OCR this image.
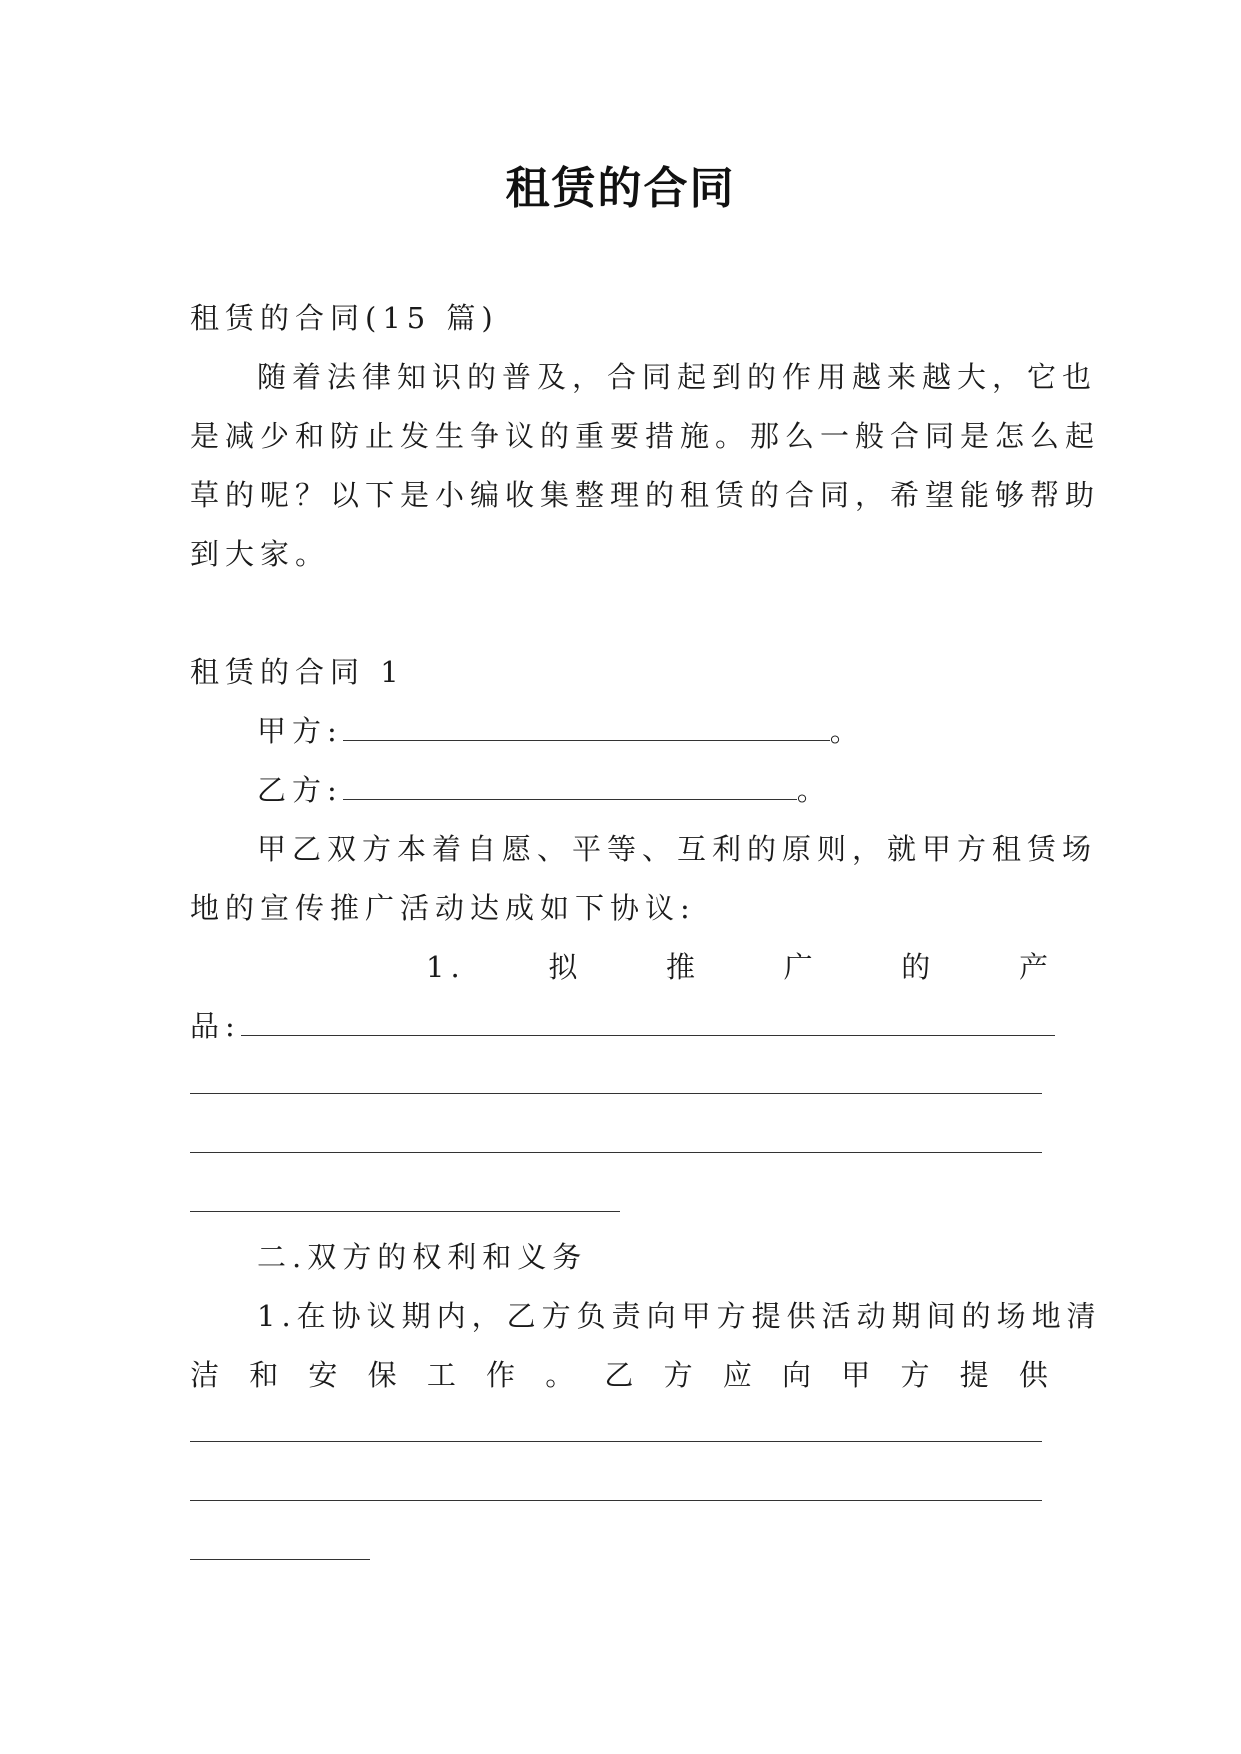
租赁的合同
租赁的合同(15 篇)
随着法律知识的普及，合同起到的作用越来越大，它也
是减少和防止发生争议的重要措施。那么一般合同是怎么起
草的呢？以下是小编收集整理的租赁的合同，希望能够帮助
到大家。
租赁的合同 1
甲方:	。
乙方:	。
甲乙双方本着自愿、平等、互利的原则，就甲方租赁场
地的宣传推广活动达成如下协议:
1.	拟	推	广	的	产
品:
二.双方的权利和义务
1.在协议期内，乙方负责向甲方提供活动期间的场地清
洁 和 安 保 工 作 。 乙 方 应 向 甲 方 提 供
